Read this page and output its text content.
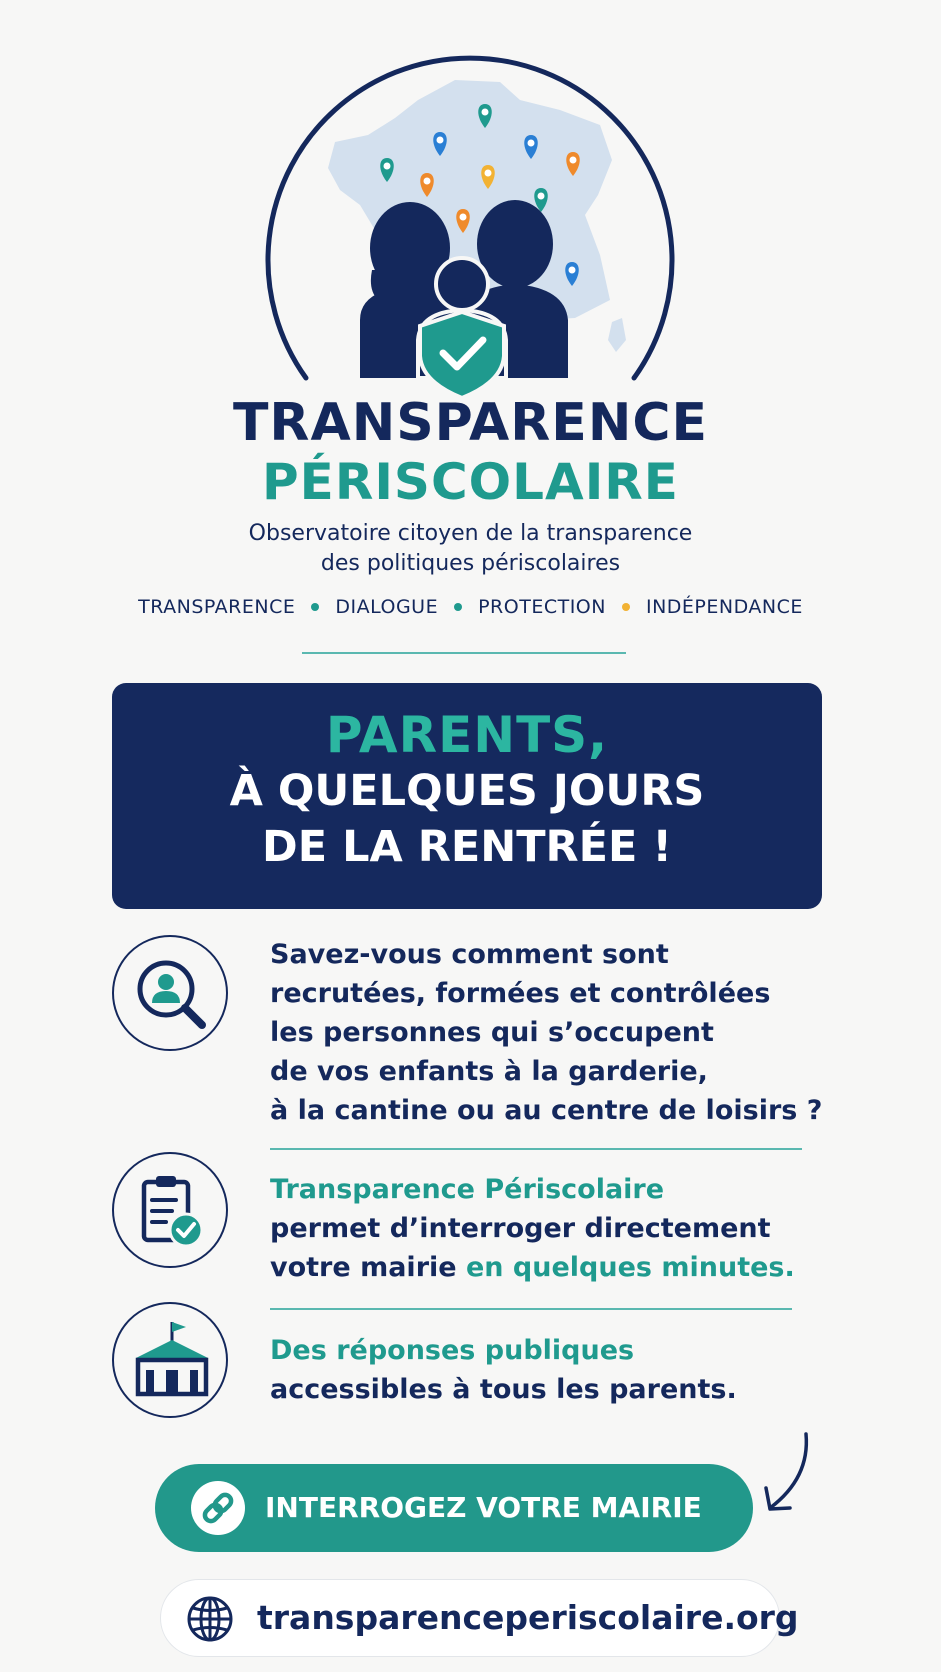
TRANSPARENCE
PÉRISCOLAIRE
Observatoire citoyen de la transparence
des politiques périscolaires
TRANSPARENCE DIALOGUE PROTECTION INDÉPENDANCE
PARENTS,
À QUELQUES JOURS
DE LA RENTRÉE !
Savez-vous comment sont
recrutées, formées et contrôlées
les personnes qui s’occupent
de vos enfants à la garderie,
à la cantine ou au centre de loisirs ?
Transparence Périscolaire
permet d’interroger directement
votre mairie en quelques minutes.
Des réponses publiques
accessibles à tous les parents.
INTERROGEZ VOTRE MAIRIE
transparenceperiscolaire.org
